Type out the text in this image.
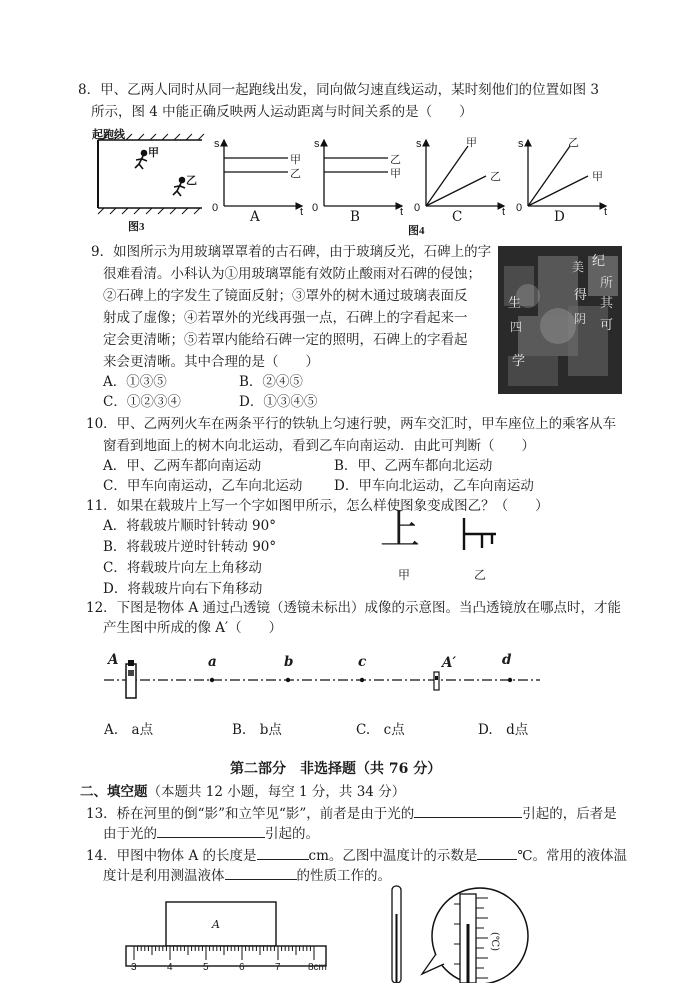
8．甲、乙两人同时从同一起跑线出发，同向做匀速直线运动，某时刻他们的位置如图 3
所示，图 4 中能正确反映两人运动距离与时间关系的是（　　）
起跑线
甲
乙
图3
s
0	t
甲
乙
A
s
0	t
乙
甲
B
s
0	t
甲
乙
C
s
0	t
乙
甲
D
图4
9．如图所示为用玻璃罩罩着的古石碑，由于玻璃反光，石碑上的字
很难看清。小科认为①用玻璃罩能有效防止酸雨对石碑的侵蚀；
②石碑上的字发生了镜面反射；③罩外的树木通过玻璃表面反
射成了虚像；④若罩外的光线再强一点，石碑上的字看起来一
定会更清晰；⑤若罩内能给石碑一定的照明，石碑上的字看起
来会更清晰。其中合理的是（　　）
A．①③⑤	B．②④⑤
C．①②③④	D．①③④⑤
纪
美
所
得
其
可
阴
学
四
生
10．甲、乙两列火车在两条平行的铁轨上匀速行驶，两车交汇时，甲车座位上的乘客从车
窗看到地面上的树木向北运动，看到乙车向南运动．由此可判断（　　）
A．甲、乙两车都向南运动	B．甲、乙两车都向北运动
C．甲车向南运动，乙车向北运动 D．甲车向北运动，乙车向南运动
11．如果在载玻片上写一个字如图甲所示，怎么样使图象变成图乙？（　　）
A．将载玻片顺时针转动 90°
B．将载玻片逆时针转动 90°
C．将载玻片向左上角移动
D．将载玻片向右下角移动
上
甲	乙
12．下图是物体 A 通过凸透镜（透镜未标出）成像的示意图。当凸透镜放在哪点时，才能
产生图中所成的像 A′（　　）
A	a	b	c	A′	d
A.　a点	B.　b点	C.　c点	D.　d点
第二部分　非选择题（共 76 分）
二、填空题（本题共 12 小题，每空 1 分，共 34 分）
13．桥在河里的倒“影”和立竿见“影”，前者是由于光的	引起的，后者是
由于光的	引起的。
14．甲图中物体 A 的长度是	cm。乙图中温度计的示数是	℃。常用的液体温
度计是利用测温液体	的性质工作的。
A
3	4	5	6	7	8cm
(℃)
